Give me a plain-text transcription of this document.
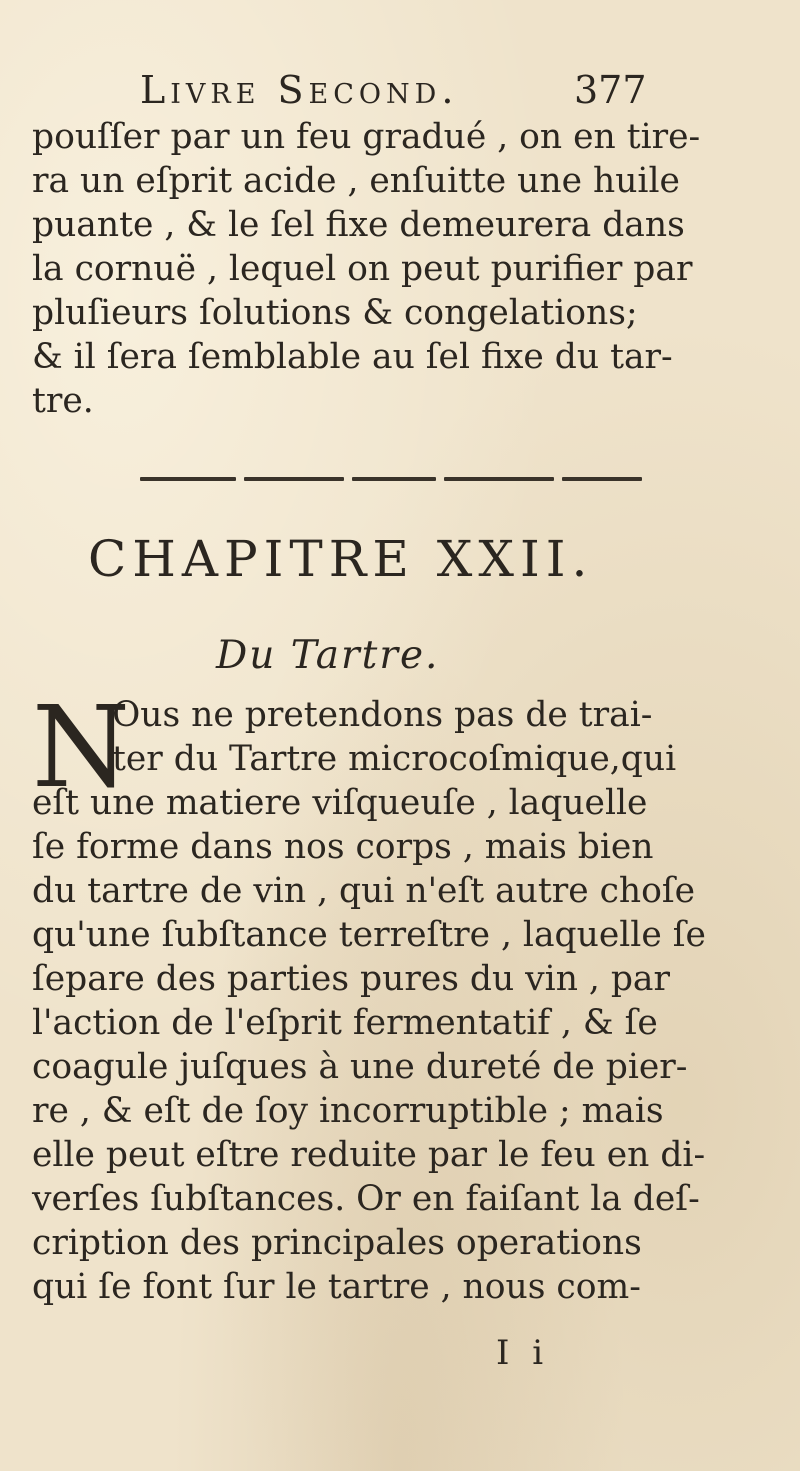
Livre Second.	377
pouſſer par un feu gradué , on en tire-
ra un eſprit acide , enſuitte une huile
puante , & le ſel fixe demeurera dans
la cornuë , lequel on peut purifier par
pluſieurs ſolutions & congelations;
& il ſera ſemblable au ſel fixe du tar-
tre.
CHAPITRE XXII.
Du Tartre.
N
Ous ne pretendons pas de trai-
ter du Tartre microcoſmique,qui
eſt une matiere viſqueuſe , laquelle
ſe forme dans nos corps , mais bien
du tartre de vin , qui n'eſt autre choſe
qu'une ſubſtance terreſtre , laquelle ſe
ſepare des parties pures du vin , par
l'action de l'eſprit fermentatif , & ſe
coagule juſques à une dureté de pier-
re , & eſt de ſoy incorruptible ; mais
elle peut eſtre reduite par le feu en di-
verſes ſubſtances. Or en faiſant la deſ-
cription des principales operations
qui ſe font ſur le tartre , nous com-
I i
